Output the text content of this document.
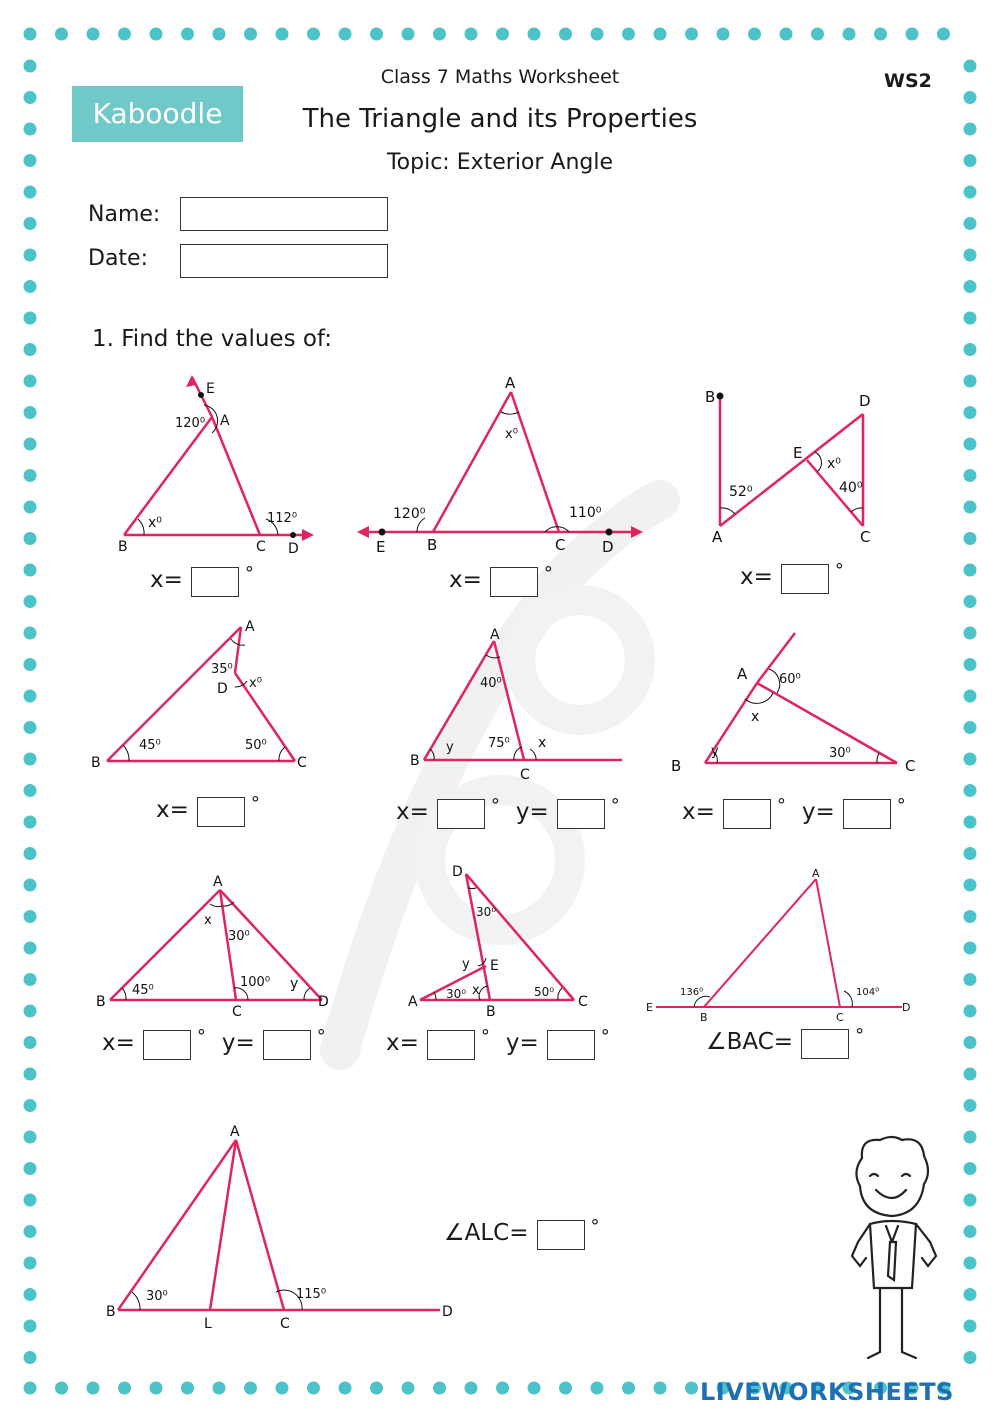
Kaboodle
Class 7 Maths Worksheet
The Triangle and its Properties
Topic: Exterior Angle
WS2
Name:
Date:
1. Find the values of:
E
A
B	C D
120⁰
x⁰	112⁰
A
E	B	C D
x⁰
120⁰	110⁰
B	D
E
A	C
52⁰
x⁰
40⁰
A
D
B	C
35⁰
x⁰
45⁰	50⁰
A
B
C
40⁰
y	75⁰ x
A
B	C
60⁰
x
y	30⁰
A
B
C
D
x
30⁰
45⁰
100⁰ y
D
E
A
B
C
30⁰
y
x
30⁰	50⁰
A
E
B	C
D
136⁰	104⁰
A
B
L	C
D
30⁰	115⁰
x=	°	x=	°	x=	°
x=	°	x=	° y=	°	x=	° y=	°
x=	° y=	°	x=	° y=	°	∠BAC=	°
∠ALC=	°
LIVEWORKSHEETS
